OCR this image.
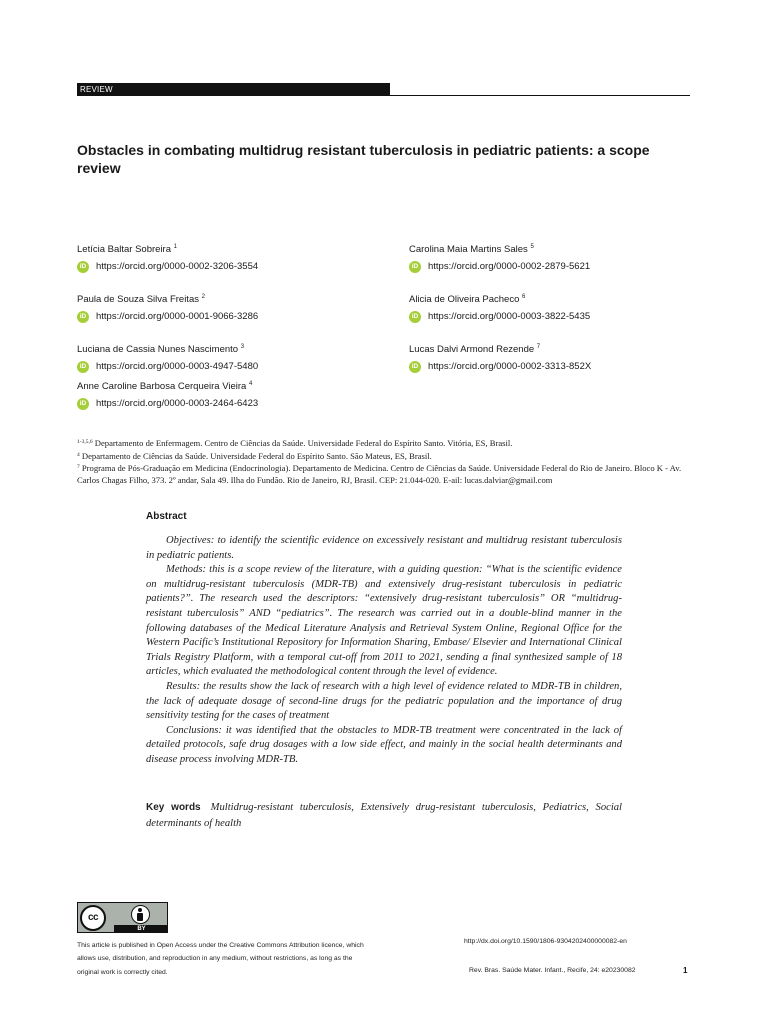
REVIEW
Obstacles in combating multidrug resistant tuberculosis in pediatric patients: a scope review
Letícia Baltar Sobreira $^1$
iD https://orcid.org/0000-0002-3206-3554
Paula de Souza Silva Freitas $^2$
iD https://orcid.org/0000-0001-9066-3286
Luciana de Cassia Nunes Nascimento $^3$
iD https://orcid.org/0000-0003-4947-5480
Anne Caroline Barbosa Cerqueira Vieira $^4$
iD https://orcid.org/0000-0003-2464-6423
Carolina Maia Martins Sales $^5$
iD https://orcid.org/0000-0002-2879-5621
Alicia de Oliveira Pacheco $^6$
iD https://orcid.org/0000-0003-3822-5435
Lucas Dalvi Armond Rezende $^7$
iD https://orcid.org/0000-0002-3313-852X

$^{1-3,5,6}$ Departamento de Enfermagem. Centro de Ciências da Saúde. Universidade Federal do Espírito Santo. Vitória, ES, Brasil.

$^4$ Departamento de Ciências da Saúde. Universidade Federal do Espírito Santo. São Mateus, ES, Brasil.

$^7$ Programa de Pós-Graduação em Medicina (Endocrinologia). Departamento de Medicina. Centro de Ciências da Saúde. Universidade Federal do Rio de Janeiro. Bloco K - Av. Carlos Chagas Filho, 373. 2º andar, Sala 49. Ilha do Fundão. Rio de Janeiro, RJ, Brasil. CEP: 21.044-020. E-ail: lucas.dalviar@gmail.com

Abstract

Objectives: to identify the scientific evidence on excessively resistant and multidrug resistant tuberculosis in pediatric patients.

Methods: this is a scope review of the literature, with a guiding question: “What is the scientific evidence on multidrug-resistant tuberculosis (MDR-TB) and extensively drug-resistant tuberculosis in pediatric patients?”. The research used the descriptors: “extensively drug-resistant tuberculosis” OR “multidrug-resistant tuberculosis” AND “pediatrics”. The research was carried out in a double-blind manner in the following databases of the Medical Literature Analysis and Retrieval System Online, Regional Office for the Western Pacific’s Institutional Repository for Information Sharing, Embase/ Elsevier and International Clinical Trials Registry Platform, with a temporal cut-off from 2011 to 2021, sending a final synthesized sample of 18 articles, which evaluated the methodological content through the level of evidence.

Results: the results show the lack of research with a high level of evidence related to MDR-TB in children, the lack of adequate dosage of second-line drugs for the pediatric population and the importance of drug sensitivity testing for the cases of treatment

Conclusions: it was identified that the obstacles to MDR-TB treatment were concentrated in the lack of detailed protocols, safe drug dosages with a low side effect, and mainly in the social health determinants and disease process involving MDR-TB.

Key words Multidrug-resistant tuberculosis, Extensively drug-resistant tuberculosis, Pediatrics, Social determinants of health
cc
BY
This article is published in Open Access under the Creative Commons Attribution licence, which allows use, distribution, and reproduction in any medium, without restrictions, as long as the original work is correctly cited.
http://dx.doi.org/10.1590/1806-9304202400000082-en
Rev. Bras. Saúde Mater. Infant., Recife, 24: e20230082	1
